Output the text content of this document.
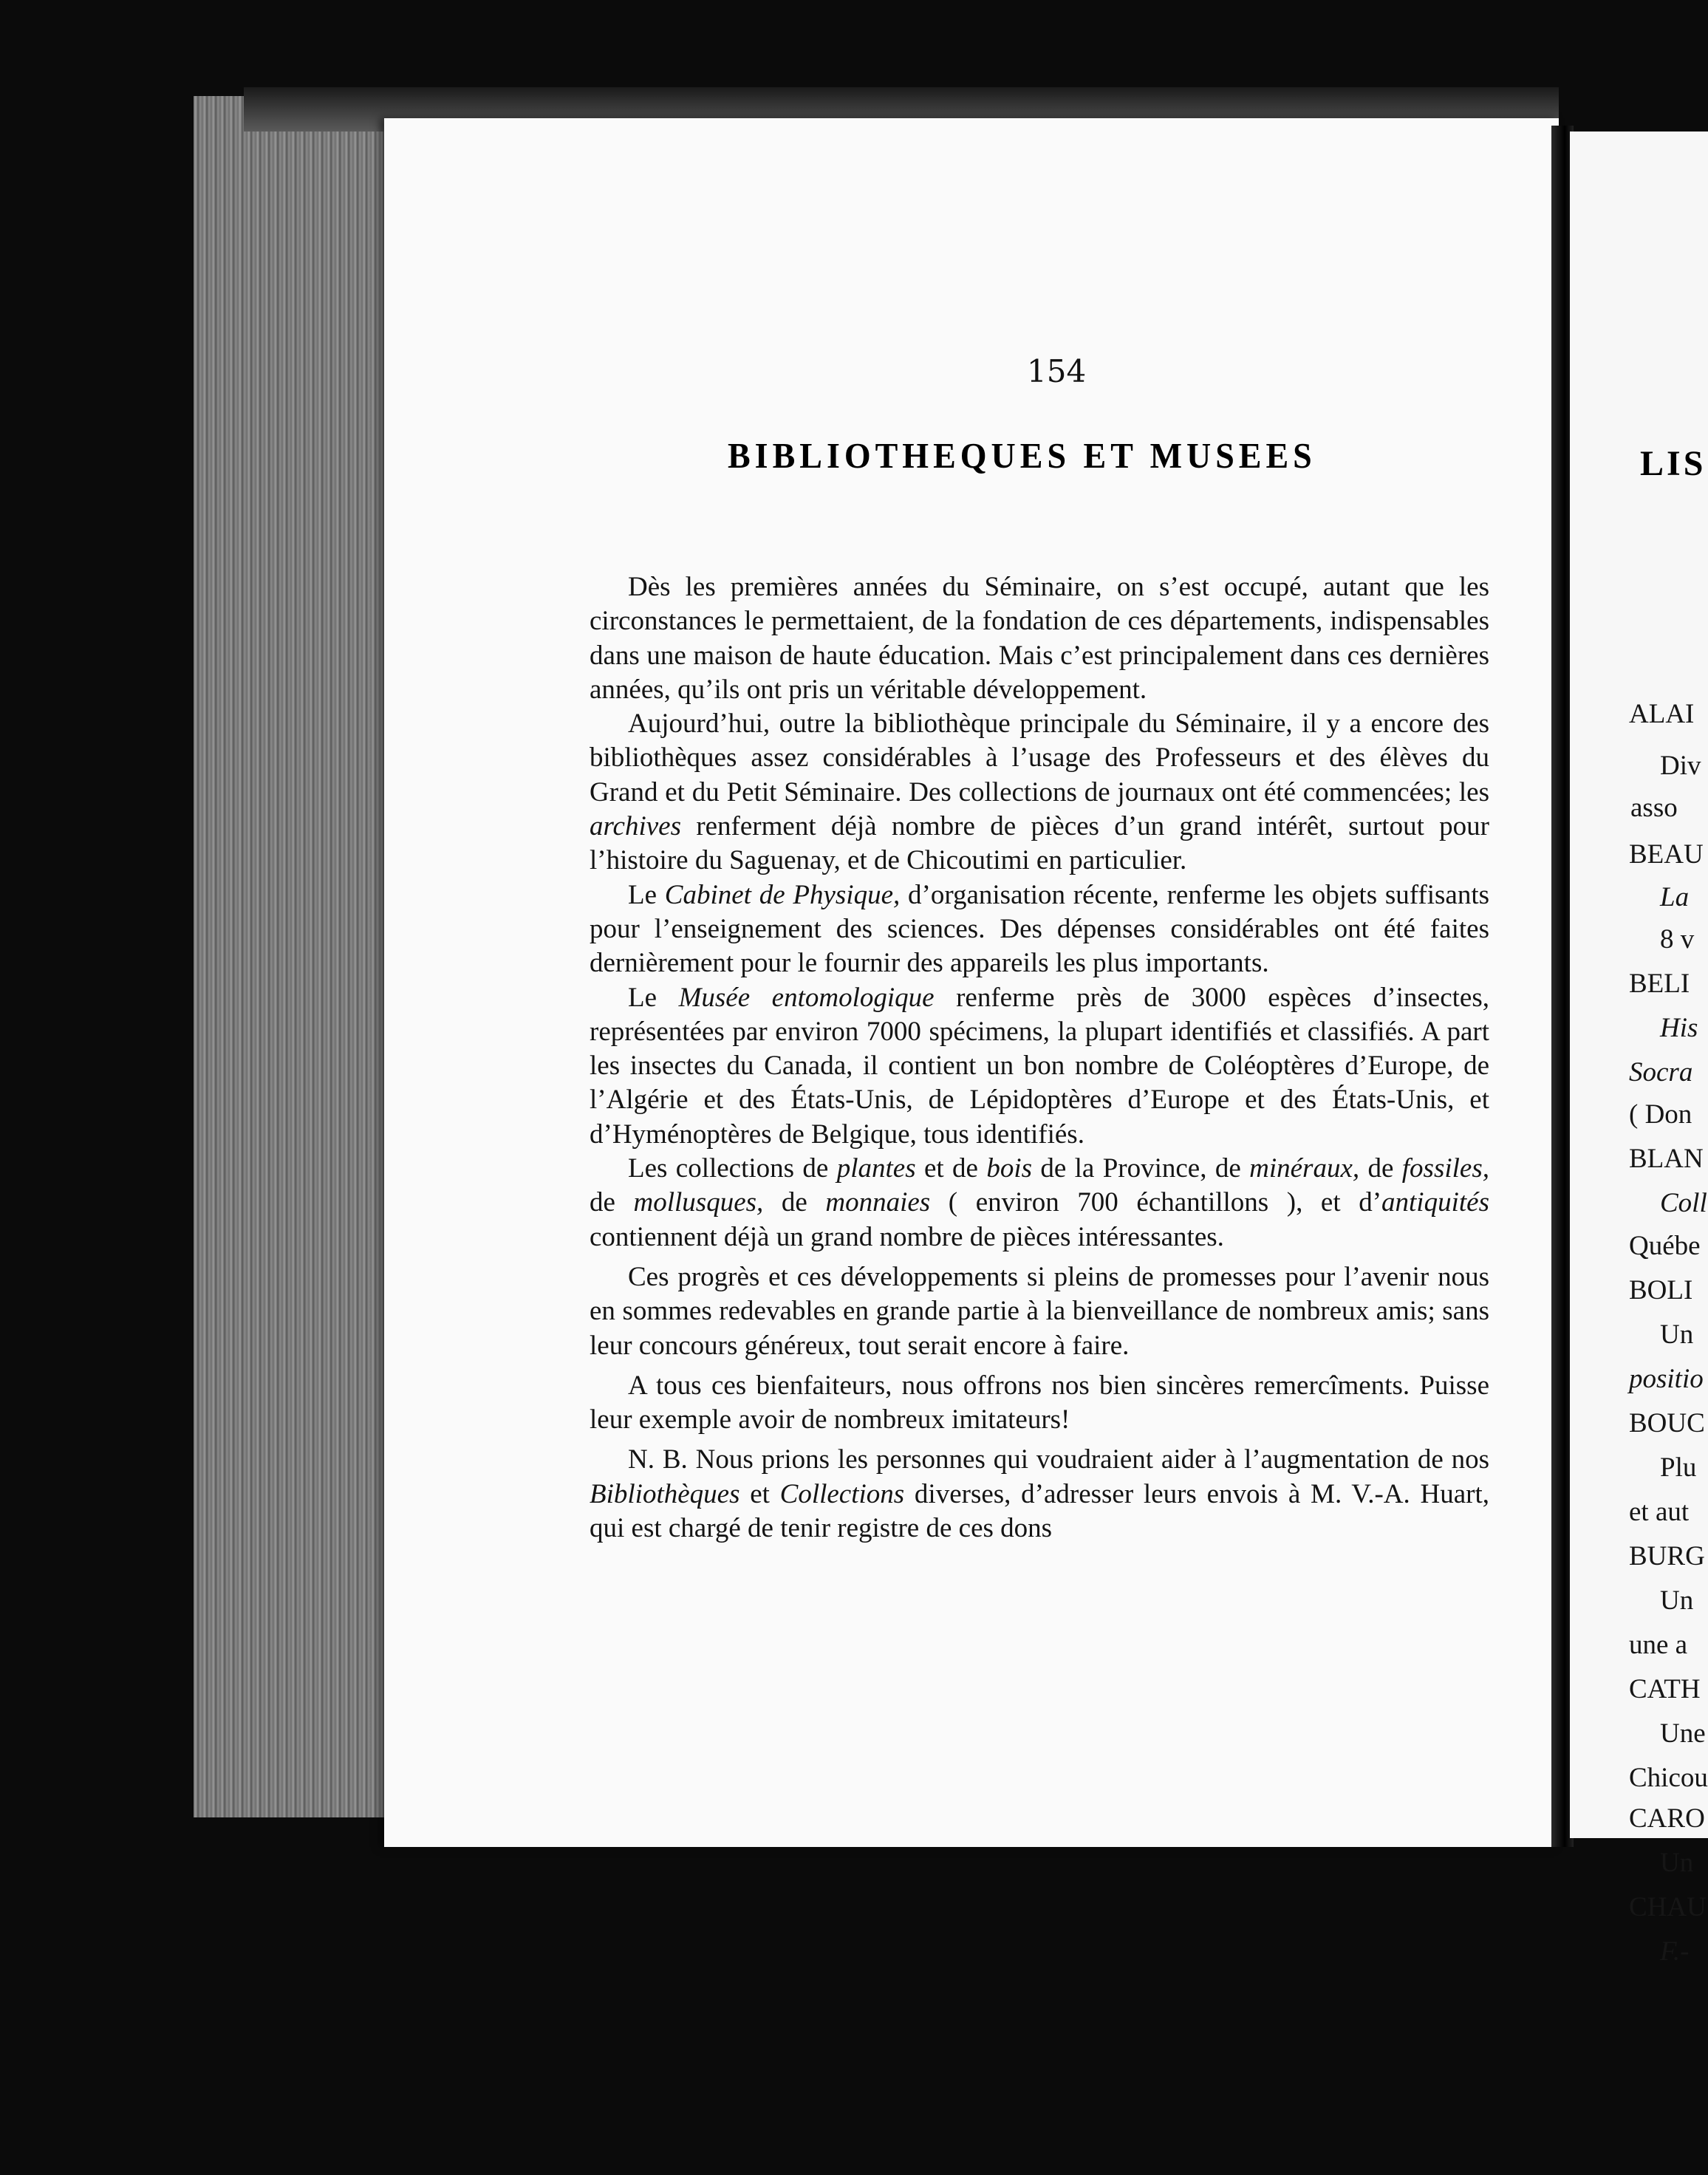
154
BIBLIOTHEQUES ET MUSEES

Dès les premières années du Séminaire, on s’est occupé, autant que les circonstances le permettaient, de la fondation de ces départements, indispensables dans une maison de haute éducation. Mais c’est principalement dans ces dernières années, qu’ils ont pris un véritable développement.

Aujourd’hui, outre la bibliothèque principale du Séminaire, il y a encore des bibliothèques assez considérables à l’usage des Professeurs et des élèves du Grand et du Petit Séminaire. Des collections de journaux ont été commencées; les archives renferment déjà nombre de pièces d’un grand intérêt, surtout pour l’histoire du Saguenay, et de Chicoutimi en particulier.

Le Cabinet de Physique, d’organisation récente, renferme les objets suffisants pour l’enseignement des sciences. Des dépenses considérables ont été faites dernièrement pour le fournir des appareils les plus importants.

Le Musée entomologique renferme près de 3000 espèces d’insectes, représentées par environ 7000 spécimens, la plupart identifiés et classifiés. A part les insectes du Canada, il contient un bon nombre de Coléoptères d’Europe, de l’Algérie et des États-Unis, de Lépidoptères d’Europe et des États-Unis, et d’Hyménoptères de Belgique, tous identifiés.

Les collections de plantes et de bois de la Province, de minéraux, de fossiles, de mollusques, de monnaies ( environ 700 échantillons ), et d’antiquités contiennent déjà un grand nombre de pièces intéressantes.

Ces progrès et ces développements si pleins de promesses pour l’avenir nous en sommes redevables en grande partie à la bienveillance de nombreux amis; sans leur concours généreux, tout serait encore à faire.

A tous ces bienfaiteurs, nous offrons nos bien sincères remercîments. Puisse leur exemple avoir de nombreux imitateurs!

N. B. Nous prions les personnes qui voudraient aider à l’augmentation de nos Bibliothèques et Collections diverses, d’adresser leurs envois à M. V.-A. Huart, qui est chargé de tenir registre de ces dons

LIS
ALAI
Div
asso
BEAU
La
8 v
BELI
His
Socra
( Don
BLAN
Coll
Québe
BOLI
Un
positio
BOUC
Plu
et aut
BURG
Un
une a
CATH
Une
Chicou
CARO
Un
CHAU
F.-
